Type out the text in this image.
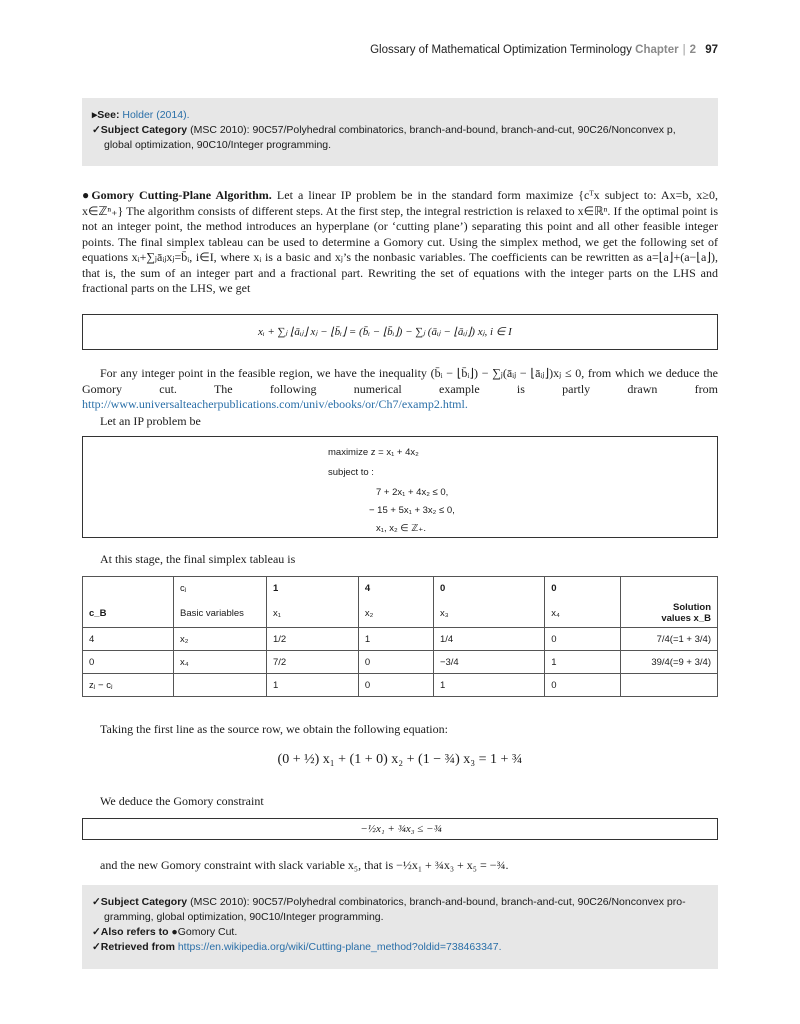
Glossary of Mathematical Optimization Terminology Chapter | 2 97
▸See: Holder (2014).
✓Subject Category (MSC 2010): 90C57/Polyhedral combinatorics, branch-and-bound, branch-and-cut, 90C26/Nonconvex p,
global optimization, 90C10/Integer programming.
●Gomory Cutting-Plane Algorithm. Let a linear IP problem be in the standard form maximize {cᵀx subject to: Ax=b, x≥0, x∈ℤⁿ₊} The algorithm consists of different steps. At the first step, the integral restriction is relaxed to x∈ℝⁿ. If the optimal point is not an integer point, the method introduces an hyperplane (or ‘cutting plane’) separating this point and all other feasible integer points. The final simplex tableau can be used to determine a Gomory cut. Using the simplex method, we get the following set of equations xᵢ+∑ⱼāᵢⱼxⱼ=b̄ᵢ, i∈I, where xᵢ is a basic and xⱼ’s the nonbasic variables. The coefficients can be rewritten as a=⌊a⌋+(a−⌊a⌋), that is, the sum of an integer part and a fractional part. Rewriting the set of equations with the integer parts on the LHS and fractional parts on the LHS, we get
xᵢ + ∑ⱼ ⌊āᵢⱼ⌋ xⱼ − ⌊b̄ᵢ⌋ = (b̄ᵢ − ⌊b̄ᵢ⌋) − ∑ⱼ (āᵢⱼ − ⌊āᵢⱼ⌋) xⱼ, i ∈ I
For any integer point in the feasible region, we have the inequality (b̄ᵢ − ⌊b̄ᵢ⌋) − ∑ⱼ(āᵢⱼ − ⌊āᵢⱼ⌋)xⱼ ≤ 0, from which we deduce the Gomory cut. The following numerical example is partly drawn from http://www.universalteacherpublications.com/univ/ebooks/or/Ch7/examp2.html.
Let an IP problem be
maximize z = x₁ + 4x₂
subject to :
7 + 2x₁ + 4x₂ ≤ 0,
− 15 + 5x₁ + 3x₂ ≤ 0,
x₁, x₂ ∈ ℤ₊.
At this stage, the final simplex tableau is
	cⱼ	1	4	0	0	
c_B	Basic variables	x₁	x₂	x₃	x₄	Solution
values x_B

4	x₂	1/2	1	1/4	0	7/4(=1 + 3/4)
0	x₄	7/2	0	−3/4	1	39/4(=9 + 3/4)
zⱼ − cⱼ		1	0	1	0	
Taking the first line as the source row, we obtain the following equation:
(0 + ½) x₁ + (1 + 0) x₂ + (1 − ¾) x₃ = 1 + ¾
We deduce the Gomory constraint
−½x₁ + ¾x₃ ≤ −¾
and the new Gomory constraint with slack variable x₅, that is −½x₁ + ¾x₃ + x₅ = −¾.
✓Subject Category (MSC 2010): 90C57/Polyhedral combinatorics, branch-and-bound, branch-and-cut, 90C26/Nonconvex pro-
gramming, global optimization, 90C10/Integer programming.
✓Also refers to ●Gomory Cut.
✓Retrieved from https://en.wikipedia.org/wiki/Cutting-plane_method?oldid=738463347.
